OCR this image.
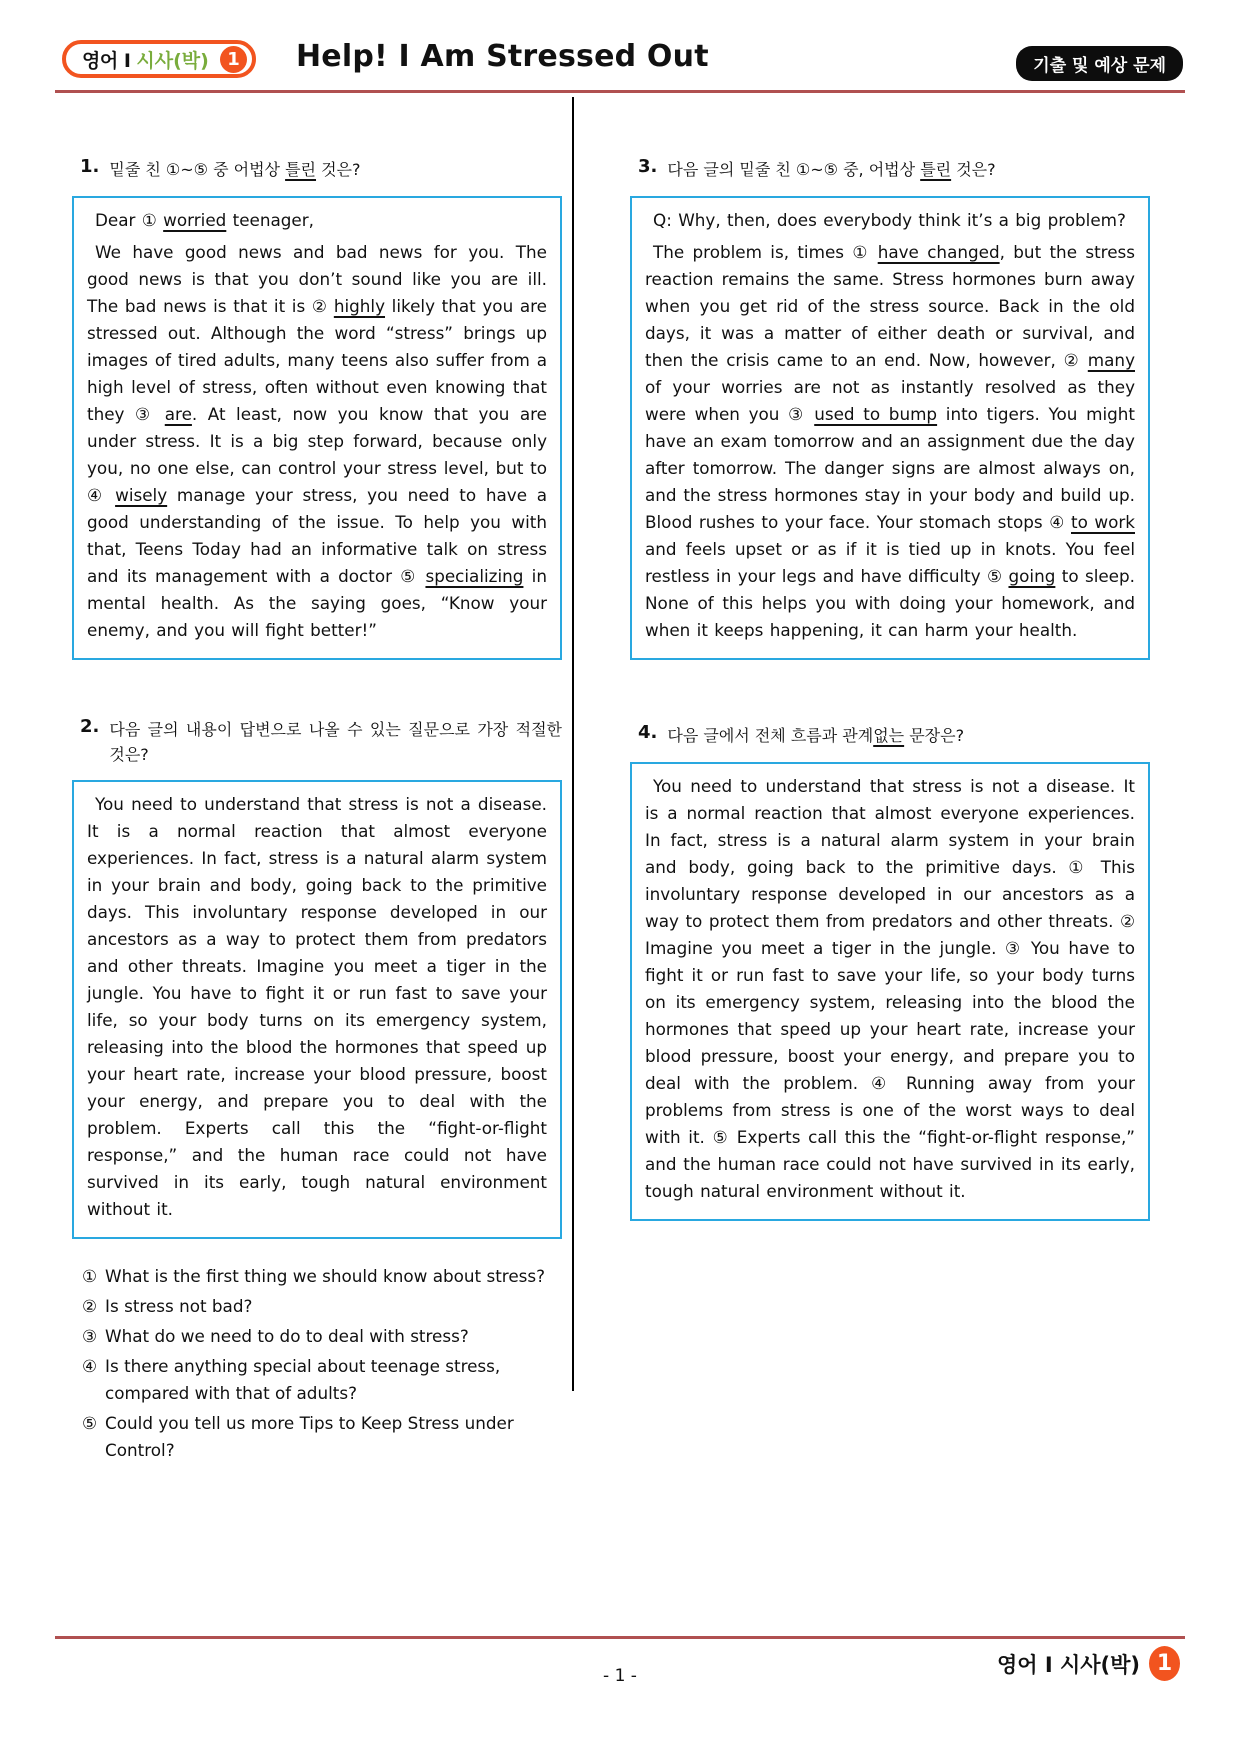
영어 I 시사(박)	1 Help! I Am Stressed Out	기출 및 예상 문제
1. 밑줄 친 ①~⑤ 중 어법상 틀린 것은?

Dear ① worried teenager,

We have good news and bad news for you. The good news is that you don’t sound like you are ill. The bad news is that it is ② highly likely that you are stressed out. Although the word “stress” brings up images of tired adults, many teens also suffer from a high level of stress, often without even knowing that they ③ are. At least, now you know that you are under stress. It is a big step forward, because only you, no one else, can control your stress level, but to ④ wisely manage your stress, you need to have a good understanding of the issue. To help you with that, Teens Today had an informative talk on stress and its management with a doctor ⑤ specializing in mental health. As the saying goes, “Know your enemy, and you will fight better!”

2. 다음 글의 내용이 답변으로 나올 수 있는 질문으로 가장 적절한 것은?

You need to understand that stress is not a disease. It is a normal reaction that almost everyone experiences. In fact, stress is a natural alarm system in your brain and body, going back to the primitive days. This involuntary response developed in our ancestors as a way to protect them from predators and other threats. Imagine you meet a tiger in the jungle. You have to fight it or run fast to save your life, so your body turns on its emergency system, releasing into the blood the hormones that speed up your heart rate, increase your blood pressure, boost your energy, and prepare you to deal with the problem. Experts call this the “fight-or-flight response,” and the human race could not have survived in its early, tough natural environment without it.

① What is the first thing we should know about stress?
② Is stress not bad?
③ What do we need to do to deal with stress?
④ Is there anything special about teenage stress, compared with that of adults?
⑤ Could you tell us more Tips to Keep Stress under Control?
3. 다음 글의 밑줄 친 ①~⑤ 중, 어법상 틀린 것은?

Q: Why, then, does everybody think it’s a big problem?

The problem is, times ① have changed, but the stress reaction remains the same. Stress hormones burn away when you get rid of the stress source. Back in the old days, it was a matter of either death or survival, and then the crisis came to an end. Now, however, ② many of your worries are not as instantly resolved as they were when you ③ used to bump into tigers. You might have an exam tomorrow and an assignment due the day after tomorrow. The danger signs are almost always on, and the stress hormones stay in your body and build up. Blood rushes to your face. Your stomach stops ④ to work and feels upset or as if it is tied up in knots. You feel restless in your legs and have difficulty ⑤ going to sleep. None of this helps you with doing your homework, and when it keeps happening, it can harm your health.

4. 다음 글에서 전체 흐름과 관계없는 문장은?

You need to understand that stress is not a disease. It is a normal reaction that almost everyone experiences. In fact, stress is a natural alarm system in your brain and body, going back to the primitive days. ① This involuntary response developed in our ancestors as a way to protect them from predators and other threats. ② Imagine you meet a tiger in the jungle. ③ You have to fight it or run fast to save your life, so your body turns on its emergency system, releasing into the blood the hormones that speed up your heart rate, increase your blood pressure, boost your energy, and prepare you to deal with the problem. ④ Running away from your problems from stress is one of the worst ways to deal with it. ⑤ Experts call this the “fight-or-flight response,” and the human race could not have survived in its early, tough natural environment without it.

- 1 -	영어 I 시사(박) 1
